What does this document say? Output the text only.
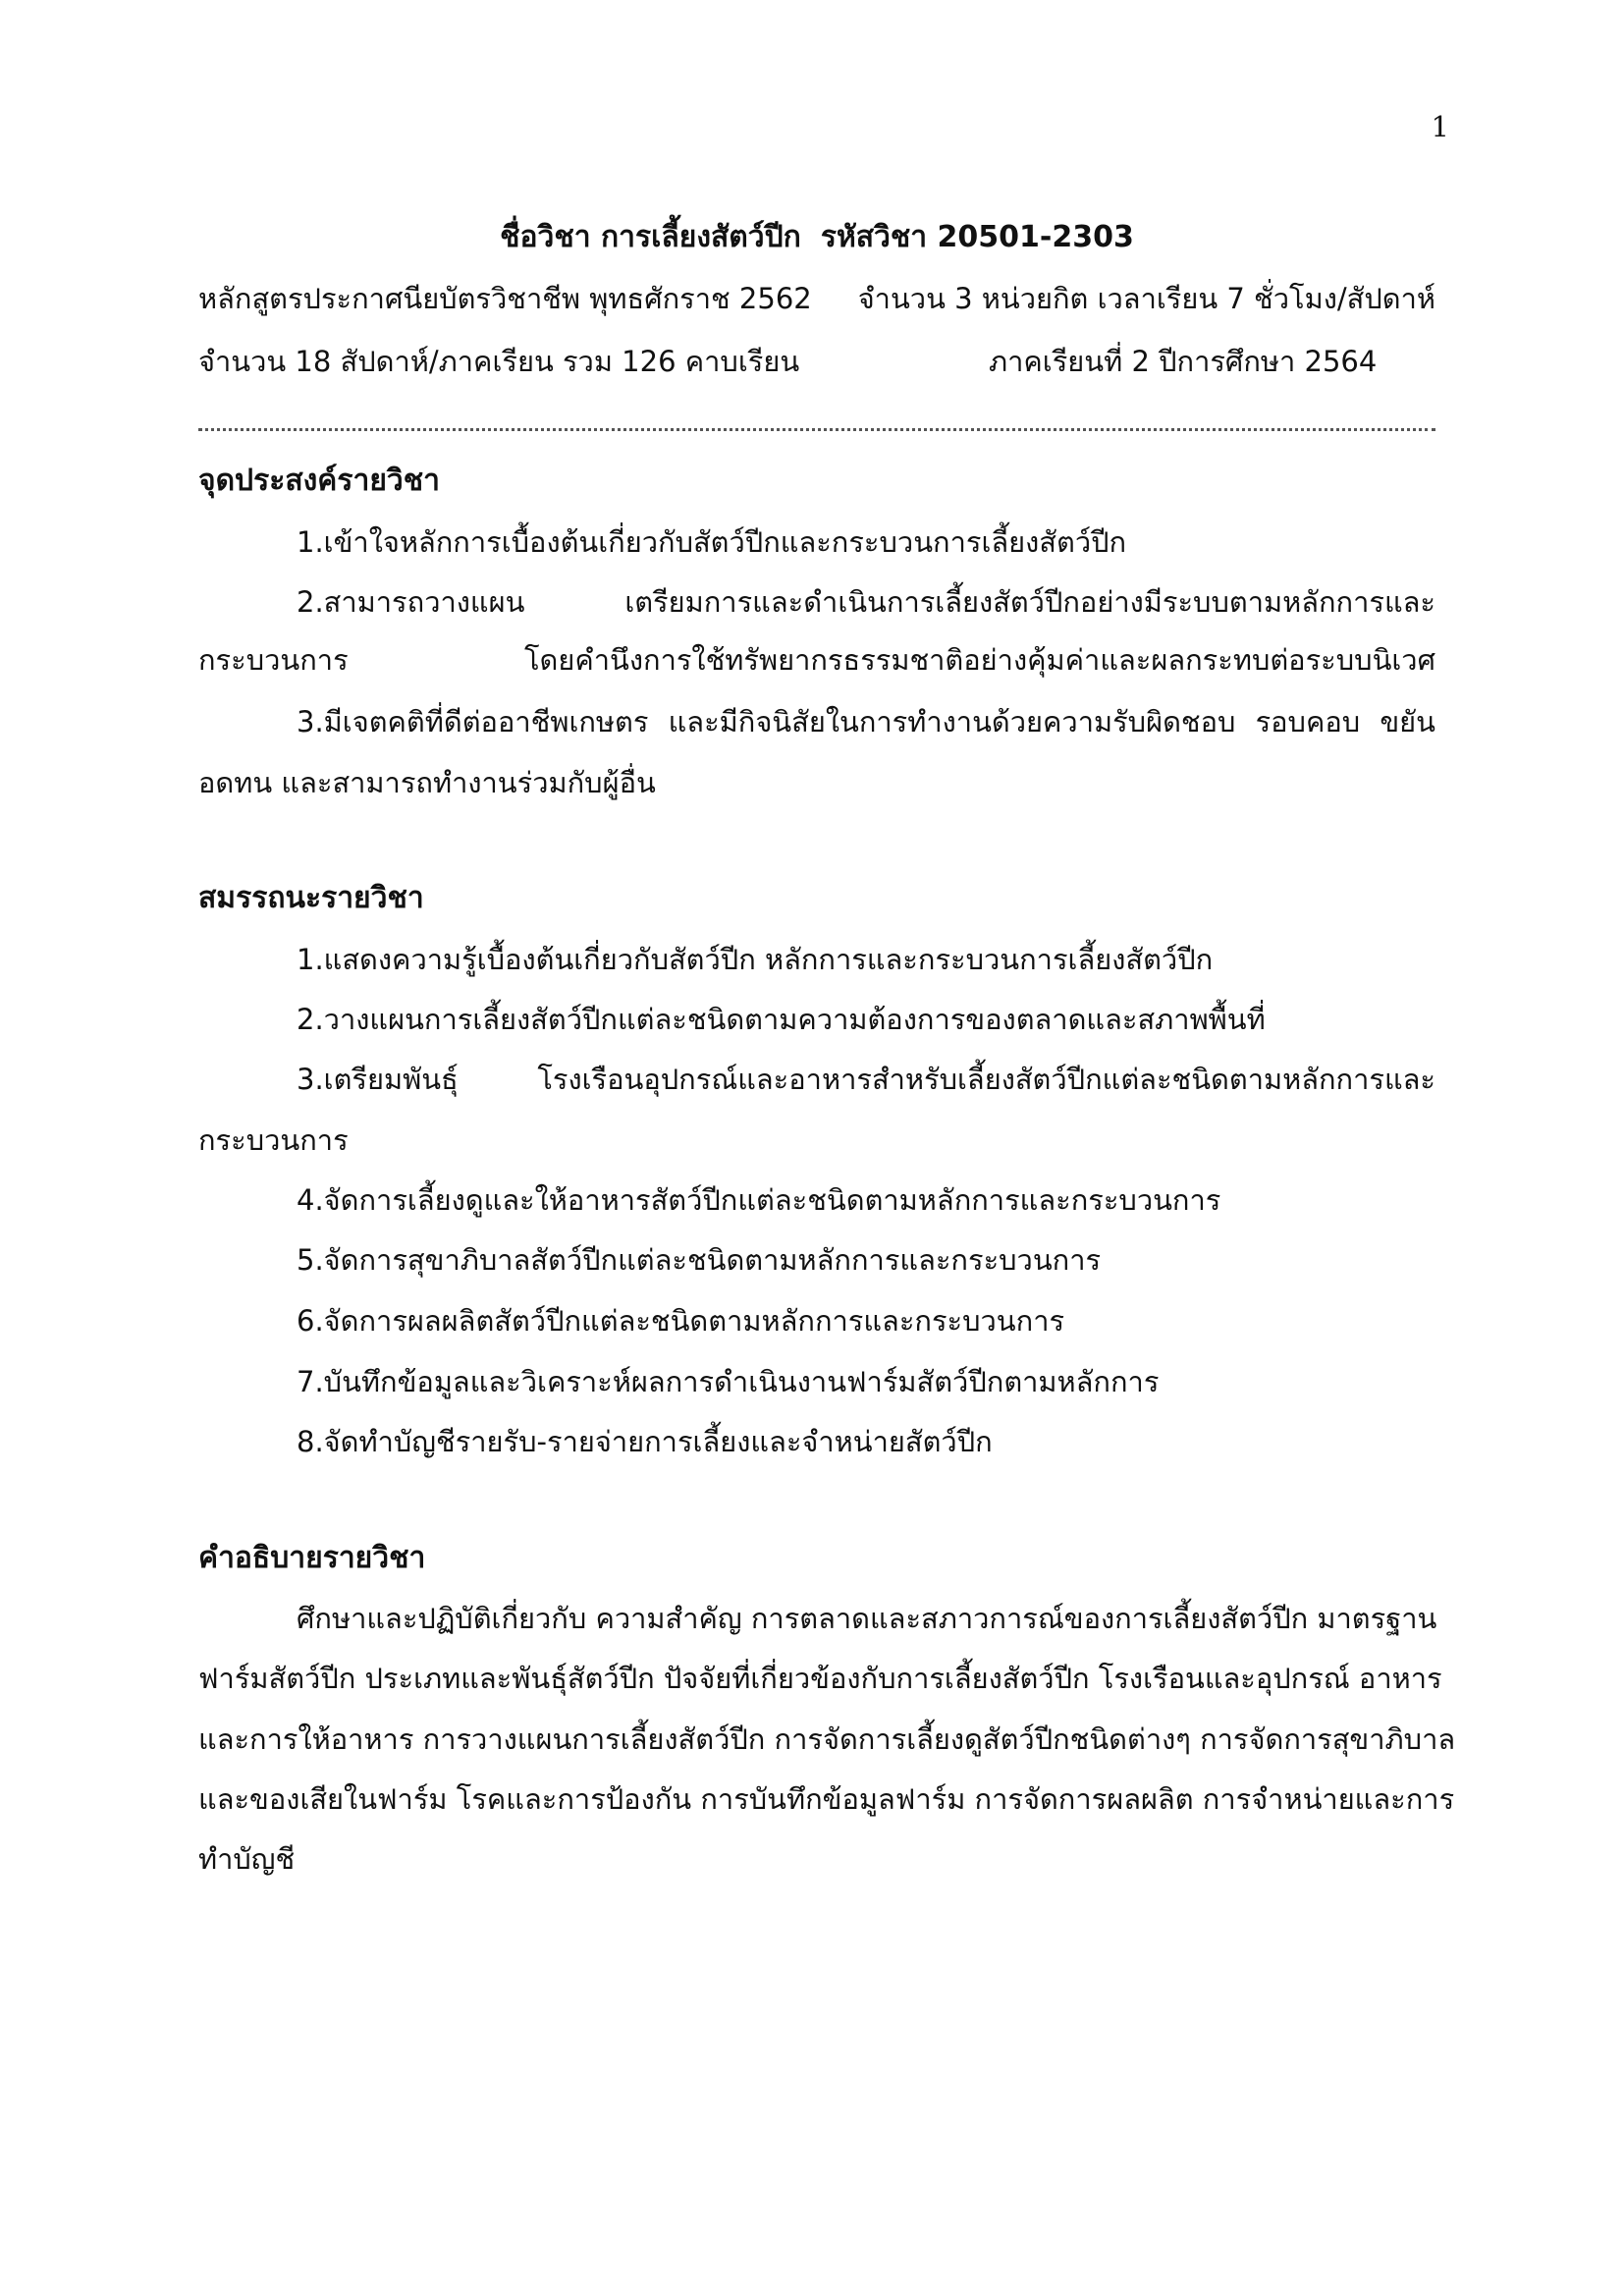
1
ชื่อวิชา การเลี้ยงสัตว์ปีก รหัสวิชา 20501-2303
หลักสูตรประกาศนียบัตรวิชาชีพ พุทธศักราช 2562 จำนวน 3 หน่วยกิต เวลาเรียน 7 ชั่วโมง/สัปดาห์
จำนวน 18 สัปดาห์/ภาคเรียน รวม 126 คาบเรียน	ภาคเรียนที่ 2 ปีการศึกษา 2564
จุดประสงค์รายวิชา
1.เข้าใจหลักการเบื้องต้นเกี่ยวกับสัตว์ปีกและกระบวนการเลี้ยงสัตว์ปีก
2.สามารถวางแผน เตรียมการและดำเนินการเลี้ยงสัตว์ปีกอย่างมีระบบตามหลักการและ
กระบวนการ โดยคำนึงการใช้ทรัพยากรธรรมชาติอย่างคุ้มค่าและผลกระทบต่อระบบนิเวศ
3.มีเจตคติที่ดีต่ออาชีพเกษตร และมีกิจนิสัยในการทำงานด้วยความรับผิดชอบ รอบคอบ ขยัน
อดทน และสามารถทำงานร่วมกับผู้อื่น
สมรรถนะรายวิชา
1.แสดงความรู้เบื้องต้นเกี่ยวกับสัตว์ปีก หลักการและกระบวนการเลี้ยงสัตว์ปีก
2.วางแผนการเลี้ยงสัตว์ปีกแต่ละชนิดตามความต้องการของตลาดและสภาพพื้นที่
3.เตรียมพันธุ์ โรงเรือนอุปกรณ์และอาหารสำหรับเลี้ยงสัตว์ปีกแต่ละชนิดตามหลักการและ
กระบวนการ
4.จัดการเลี้ยงดูและให้อาหารสัตว์ปีกแต่ละชนิดตามหลักการและกระบวนการ
5.จัดการสุขาภิบาลสัตว์ปีกแต่ละชนิดตามหลักการและกระบวนการ
6.จัดการผลผลิตสัตว์ปีกแต่ละชนิดตามหลักการและกระบวนการ
7.บันทึกข้อมูลและวิเคราะห์ผลการดำเนินงานฟาร์มสัตว์ปีกตามหลักการ
8.จัดทำบัญชีรายรับ-รายจ่ายการเลี้ยงและจำหน่ายสัตว์ปีก
คำอธิบายรายวิชา
ศึกษาและปฏิบัติเกี่ยวกับ ความสำคัญ การตลาดและสภาวการณ์ของการเลี้ยงสัตว์ปีก มาตรฐาน
ฟาร์มสัตว์ปีก ประเภทและพันธุ์สัตว์ปีก ปัจจัยที่เกี่ยวข้องกับการเลี้ยงสัตว์ปีก โรงเรือนและอุปกรณ์ อาหาร
และการให้อาหาร การวางแผนการเลี้ยงสัตว์ปีก การจัดการเลี้ยงดูสัตว์ปีกชนิดต่างๆ การจัดการสุขาภิบาล
และของเสียในฟาร์ม โรคและการป้องกัน การบันทึกข้อมูลฟาร์ม การจัดการผลผลิต การจำหน่ายและการ
ทำบัญชี
